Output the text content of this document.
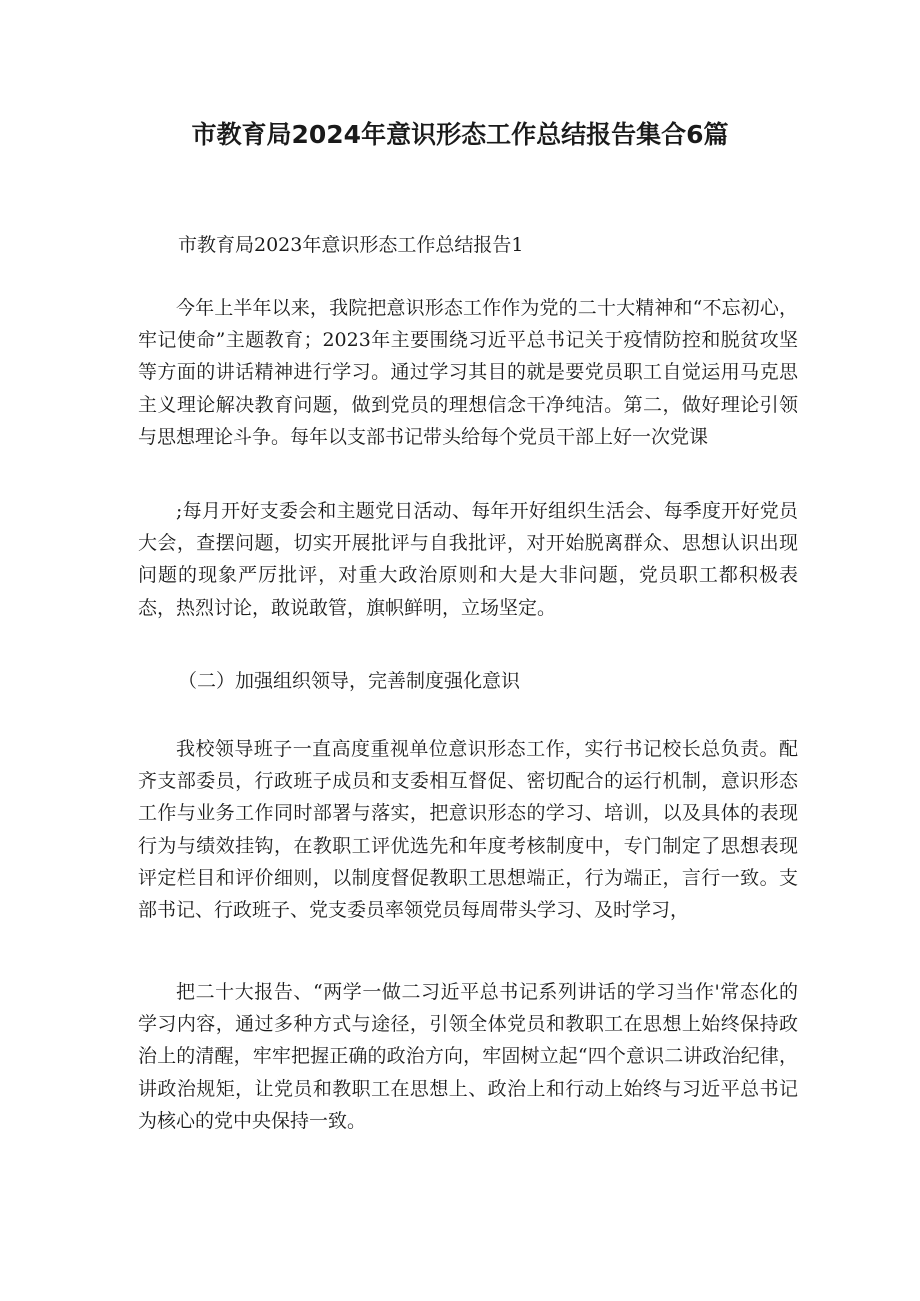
市教育局2024年意识形态工作总结报告集合6篇

市教育局2023年意识形态工作总结报告1

今年上半年以来，我院把意识形态工作作为党的二十大精神和“不忘初心，牢记使命”主题教育；2023年主要围绕习近平总书记关于疫情防控和脱贫攻坚等方面的讲话精神进行学习。通过学习其目的就是要党员职工自觉运用马克思主义理论解决教育问题，做到党员的理想信念干净纯洁。第二，做好理论引领与思想理论斗争。每年以支部书记带头给每个党员干部上好一次党课

;每月开好支委会和主题党日活动、每年开好组织生活会、每季度开好党员大会，查摆问题，切实开展批评与自我批评，对开始脱离群众、思想认识出现问题的现象严厉批评，对重大政治原则和大是大非问题，党员职工都积极表态，热烈讨论，敢说敢管，旗帜鲜明，立场坚定。

（二）加强组织领导，完善制度强化意识

我校领导班子一直高度重视单位意识形态工作，实行书记校长总负责。配齐支部委员，行政班子成员和支委相互督促、密切配合的运行机制，意识形态工作与业务工作同时部署与落实，把意识形态的学习、培训，以及具体的表现行为与绩效挂钩，在教职工评优选先和年度考核制度中，专门制定了思想表现评定栏目和评价细则，以制度督促教职工思想端正，行为端正，言行一致。支部书记、行政班子、党支委员率领党员每周带头学习、及时学习，

把二十大报告、“两学一做二习近平总书记系列讲话的学习当作'常态化的学习内容，通过多种方式与途径，引领全体党员和教职工在思想上始终保持政治上的清醒，牢牢把握正确的政治方向，牢固树立起“四个意识二讲政治纪律，讲政治规矩，让党员和教职工在思想上、政治上和行动上始终与习近平总书记为核心的党中央保持一致。
